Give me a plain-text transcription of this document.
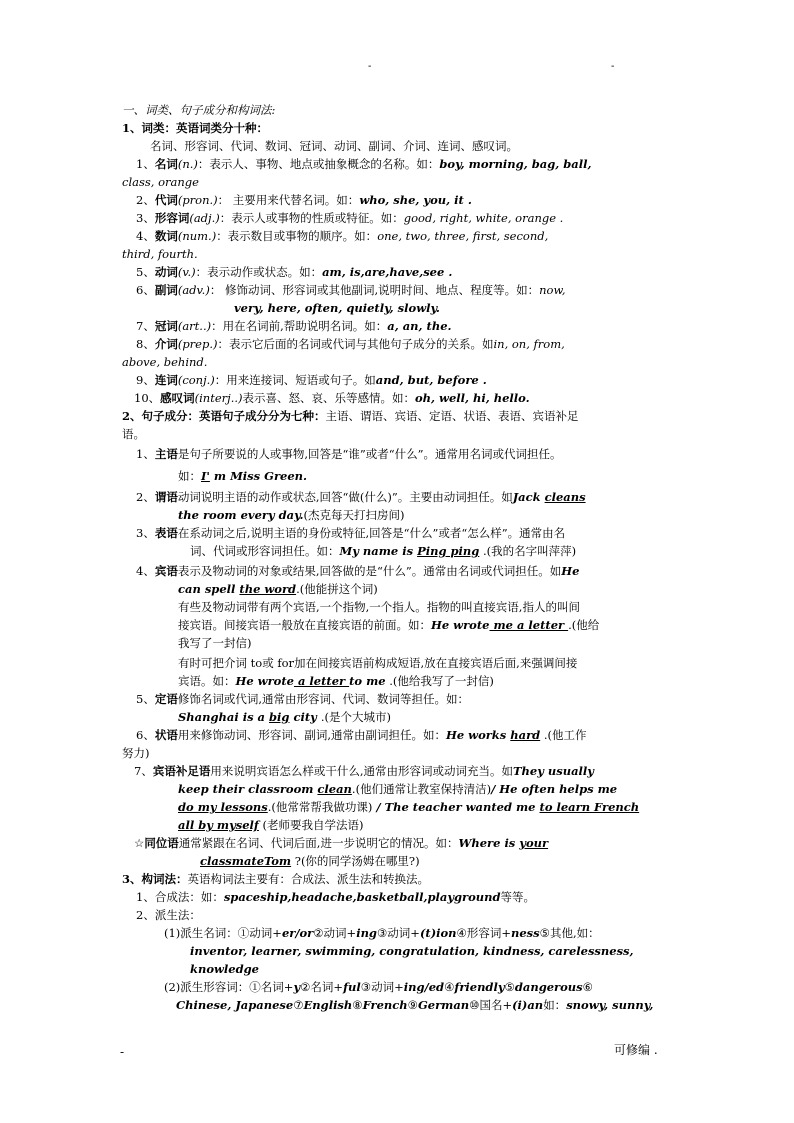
-	-
一、词类、句子成分和构词法:
1、词类：英语词类分十种：
名词、形容词、代词、数词、冠词、动词、副词、介词、连词、感叹词。
1、名词(n.)：表示人、事物、地点或抽象概念的名称。如：boy, morning, bag, ball,
class, orange
2、代词(pron.)： 主要用来代替名词。如：who, she, you, it .
3、形容词(adj.)：表示人或事物的性质或特征。如：good, right, white, orange .
4、数词(num.)：表示数目或事物的顺序。如：one, two, three, first, second,
third, fourth.
5、动词(v.)：表示动作或状态。如：am, is,are,have,see .
6、副词(adv.)： 修饰动词、形容词或其他副词,说明时间、地点、程度等。如：now,
very, here, often, quietly, slowly.
7、冠词(art..)：用在名词前,帮助说明名词。如：a, an, the.
8、介词(prep.)：表示它后面的名词或代词与其他句子成分的关系。如in, on, from,
above, behind.
9、连词(conj.)：用来连接词、短语或句子。如and, but, before .
10、感叹词(interj..)表示喜、怒、哀、乐等感情。如：oh, well, hi, hello.
2、句子成分：英语句子成分分为七种：主语、谓语、宾语、定语、状语、表语、宾语补足
语。
1、主语是句子所要说的人或事物,回答是“谁”或者“什么”。通常用名词或代词担任。
如：I' m Miss Green.
2、谓语动词说明主语的动作或状态,回答“做(什么)”。主要由动词担任。如Jack cleans
the room every day.(杰克每天打扫房间)
3、表语在系动词之后,说明主语的身份或特征,回答是“什么”或者“怎么样”。通常由名
词、代词或形容词担任。如：My name is Ping ping .(我的名字叫萍萍)
4、宾语表示及物动词的对象或结果,回答做的是“什么”。通常由名词或代词担任。如He
can spell the word.(他能拼这个词)
有些及物动词带有两个宾语,一个指物,一个指人。指物的叫直接宾语,指人的叫间
接宾语。间接宾语一般放在直接宾语的前面。如：He wrote me a letter .(他给
我写了一封信)
有时可把介词 to或 for加在间接宾语前构成短语,放在直接宾语后面,来强调间接
宾语。如：He wrote a letter to me .(他给我写了一封信)
5、定语修饰名词或代词,通常由形容词、代词、数词等担任。如：
Shanghai is a big city .(是个大城市)
6、状语用来修饰动词、形容词、副词,通常由副词担任。如：He works hard .(他工作
努力)
7、宾语补足语用来说明宾语怎么样或干什么,通常由形容词或动词充当。如They usually
keep their classroom clean.(他们通常让教室保持清洁)/ He often helps me
do my lessons.(他常常帮我做功课) / The teacher wanted me to learn French
all by myself (老师要我自学法语)
☆同位语通常紧跟在名词、代词后面,进一步说明它的情况。如：Where is your
classmateTom ?(你的同学汤姆在哪里?)
3、构词法：英语构词法主要有：合成法、派生法和转换法。
1、合成法：如：spaceship,headache,basketball,playground等等。
2、派生法：
(1)派生名词：①动词+er/or②动词+ing③动词+(t)ion④形容词+ness⑤其他,如：
inventor, learner, swimming, congratulation, kindness, carelessness,
knowledge
(2)派生形容词：①名词+y②名词+ful③动词+ing/ed④friendly⑤dangerous⑥
Chinese, Japanese⑦English⑧French⑨German⑩国名+(i)an如：snowy, sunny,
-	可修编 .
